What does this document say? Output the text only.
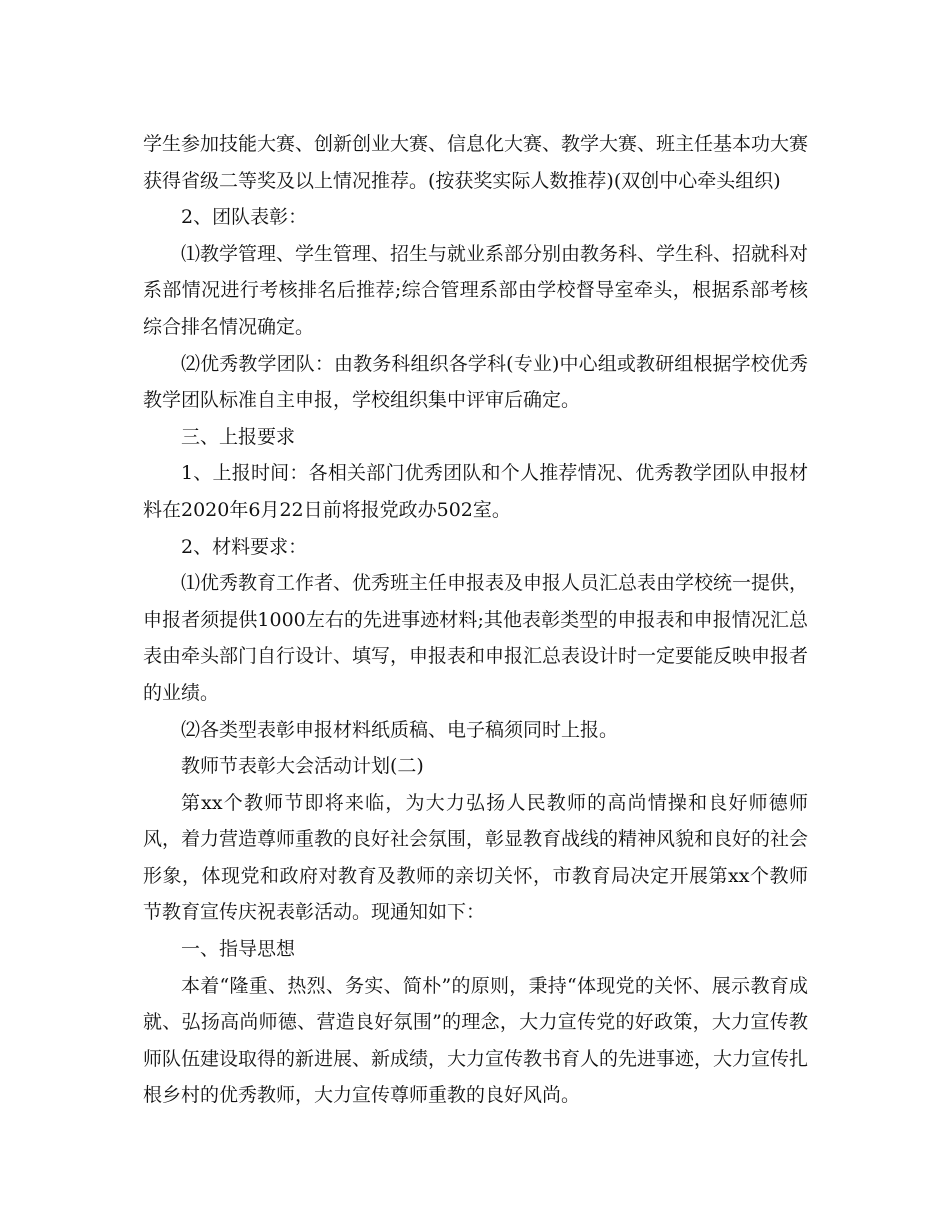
学生参加技能大赛、创新创业大赛、信息化大赛、教学大赛、班主任基本功大赛获得省级二等奖及以上情况推荐。(按获奖实际人数推荐)(双创中心牵头组织)

2、团队表彰：

⑴教学管理、学生管理、招生与就业系部分别由教务科、学生科、招就科对系部情况进行考核排名后推荐;综合管理系部由学校督导室牵头，根据系部考核综合排名情况确定。

⑵优秀教学团队：由教务科组织各学科(专业)中心组或教研组根据学校优秀教学团队标准自主申报，学校组织集中评审后确定。

三、上报要求

1、上报时间：各相关部门优秀团队和个人推荐情况、优秀教学团队申报材料在2020年6月22日前将报党政办502室。

2、材料要求：

⑴优秀教育工作者、优秀班主任申报表及申报人员汇总表由学校统一提供，申报者须提供1000左右的先进事迹材料;其他表彰类型的申报表和申报情况汇总表由牵头部门自行设计、填写，申报表和申报汇总表设计时一定要能反映申报者的业绩。

⑵各类型表彰申报材料纸质稿、电子稿须同时上报。

教师节表彰大会活动计划(二)

第xx个教师节即将来临，为大力弘扬人民教师的高尚情操和良好师德师风，着力营造尊师重教的良好社会氛围，彰显教育战线的精神风貌和良好的社会形象，体现党和政府对教育及教师的亲切关怀，市教育局决定开展第xx个教师节教育宣传庆祝表彰活动。现通知如下：

一、指导思想

本着“隆重、热烈、务实、简朴”的原则，秉持“体现党的关怀、展示教育成就、弘扬高尚师德、营造良好氛围”的理念，大力宣传党的好政策，大力宣传教师队伍建设取得的新进展、新成绩，大力宣传教书育人的先进事迹，大力宣传扎根乡村的优秀教师，大力宣传尊师重教的良好风尚。
